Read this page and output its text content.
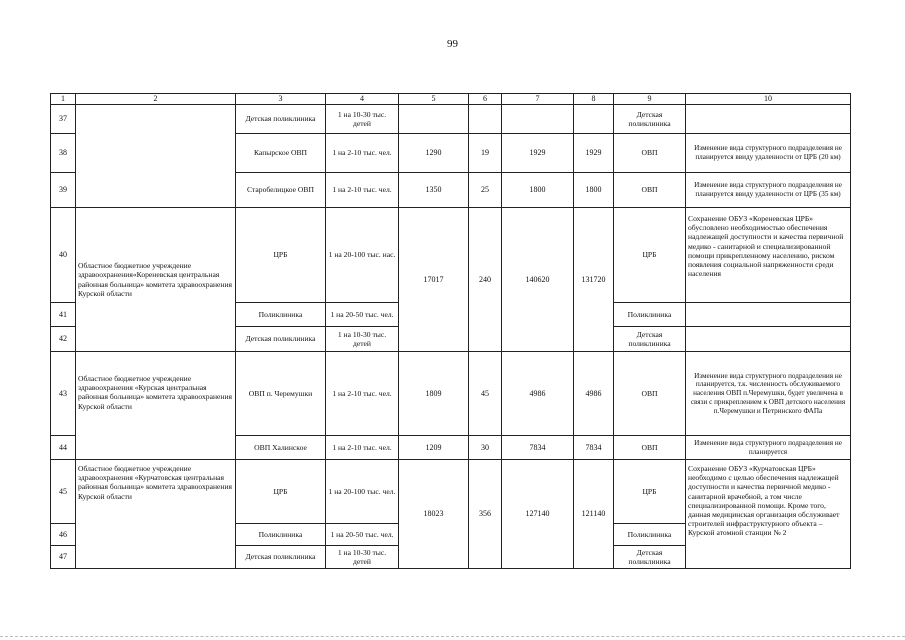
99
1	2	3	4	5	6	7	8	9	10
37		Детская поликлиника	1 на 10-30 тыс. детей					Детская поликлиника	
38		Капырское ОВП	1 на 2-10 тыс. чел.	1290	19	1929	1929	ОВП	Изменение вида структурного подразделения не планируется ввиду удаленности от ЦРБ (20 км)
39		Старобелицкое ОВП	1 на 2-10 тыс. чел.	1350	25	1800	1800	ОВП	Изменение вида структурного подразделения не планируется ввиду удаленности от ЦРБ (35 км)
40	Областное бюджетное учреждение здравоохранения«Кореневская центральная районная больница» комитета здравоохранения Курской области	ЦРБ	1 на 20-100 тыс. нас.	17017	240	140620	131720	ЦРБ	Сохранение ОБУЗ «Кореневская ЦРБ» обусловлено необходимостью обеспечения надлежащей доступности и качества первичной медико - санитарной и специализированной помощи прикрепленному населению, риском появления социальной напряженности среди населения
41		Поликлиника	1 на 20-50 тыс. чел.					Поликлиника	
42		Детская поликлиника	1 на 10-30 тыс. детей					Детская поликлиника	
43	Областное бюджетное учреждение здравоохранения «Курская центральная районная больница» комитета здравоохранения Курской области	ОВП п. Черемушки	1 на 2-10 тыс. чел.	1809	45	4986	4986	ОВП	Изменение вида структурного подразделения не планируется, т.к. численность обслуживаемого населения ОВП п.Черемушки, будет увеличена в связи с прикреплением к ОВП детского населения п.Черемушки и Петринского ФАПа
44		ОВП Халинское	1 на 2-10 тыс. чел.	1209	30	7834	7834	ОВП	Изменение вида структурного подразделения не планируется
45	Областное бюджетное учреждение здравоохранения «Курчатовская центральная районная больница» комитета здравоохранения Курской области	ЦРБ	1 на 20-100 тыс. чел.	18023	356	127140	121140	ЦРБ	Сохранение ОБУЗ «Курчатовская ЦРБ» необходимо с целью обеспечения надлежащей доступности и качества первичной медико - санитарной врачебной, а том числе специализированной помощи. Кроме того, данная медицинская организация обслуживает строителей инфраструктурного объекта – Курской атомной станции № 2
46		Поликлиника	1 на 20-50 тыс. чел.					Поликлиника	
47		Детская поликлиника	1 на 10-30 тыс. детей					Детская поликлиника	
